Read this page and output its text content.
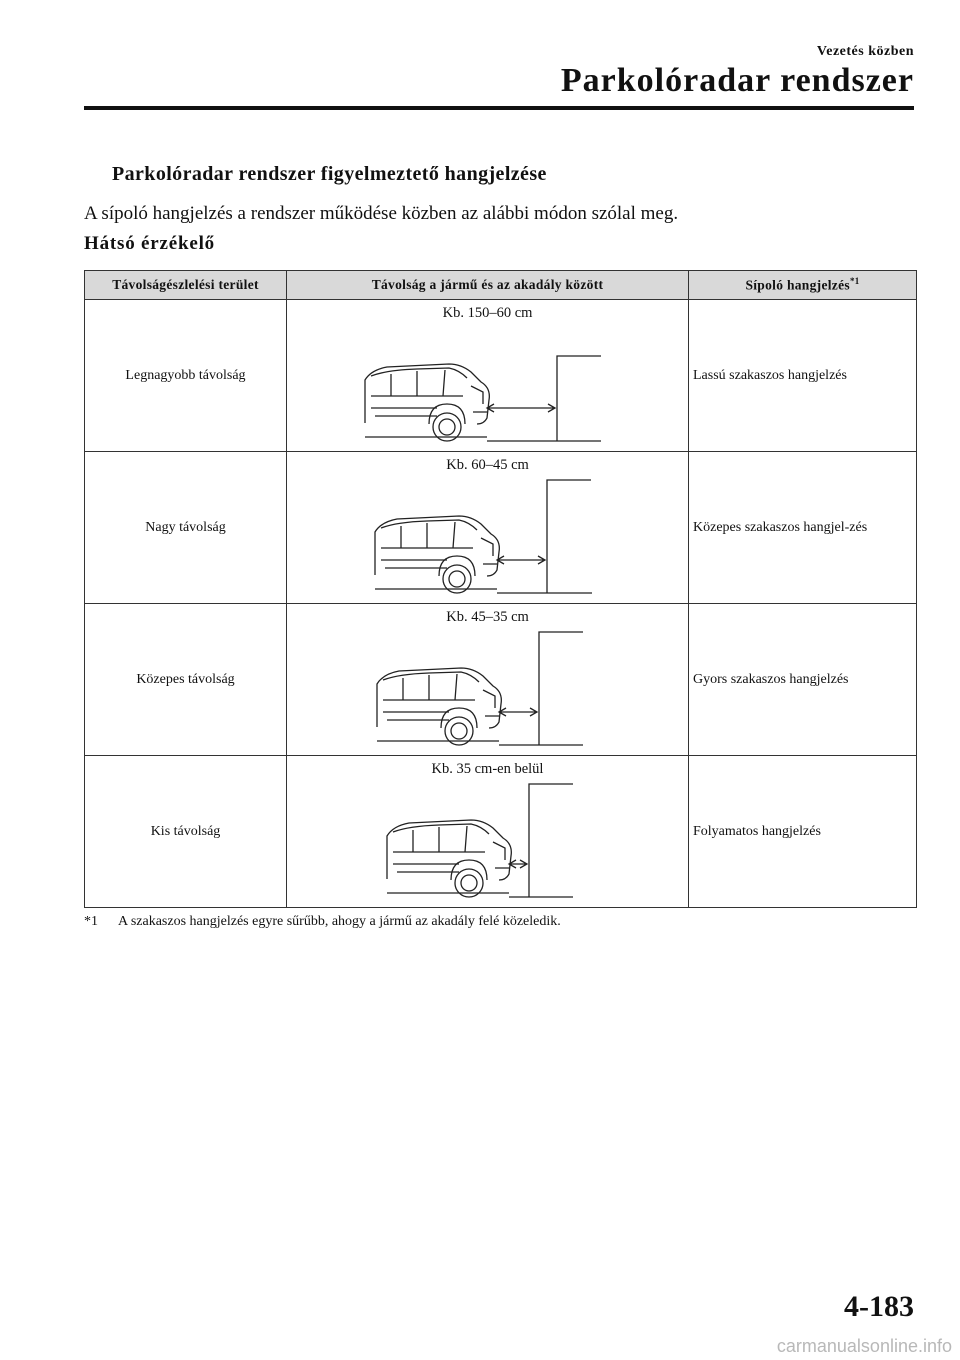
Vezetés közben
Parkolóradar rendszer
Parkolóradar rendszer figyelmeztető hangjelzése
A sípoló hangjelzés a rendszer működése közben az alábbi módon szólal meg.
Hátsó érzékelő
Távolságészlelési terület	Távolság a jármű és az akadály között	Sípoló hangjelzés$^{*1}$
Legnagyobb távolság	Kb. 150–60 cm	Lassú szakaszos hangjelzés
Nagy távolság	Kb. 60–45 cm	Közepes szakaszos hangjel-zés
Közepes távolság	Kb. 45–35 cm	Gyors szakaszos hangjelzés
Kis távolság	Kb. 35 cm-en belül	Folyamatos hangjelzés
*1 A szakaszos hangjelzés egyre sűrűbb, ahogy a jármű az akadály felé közeledik.
4-183
carmanualsonline.info
